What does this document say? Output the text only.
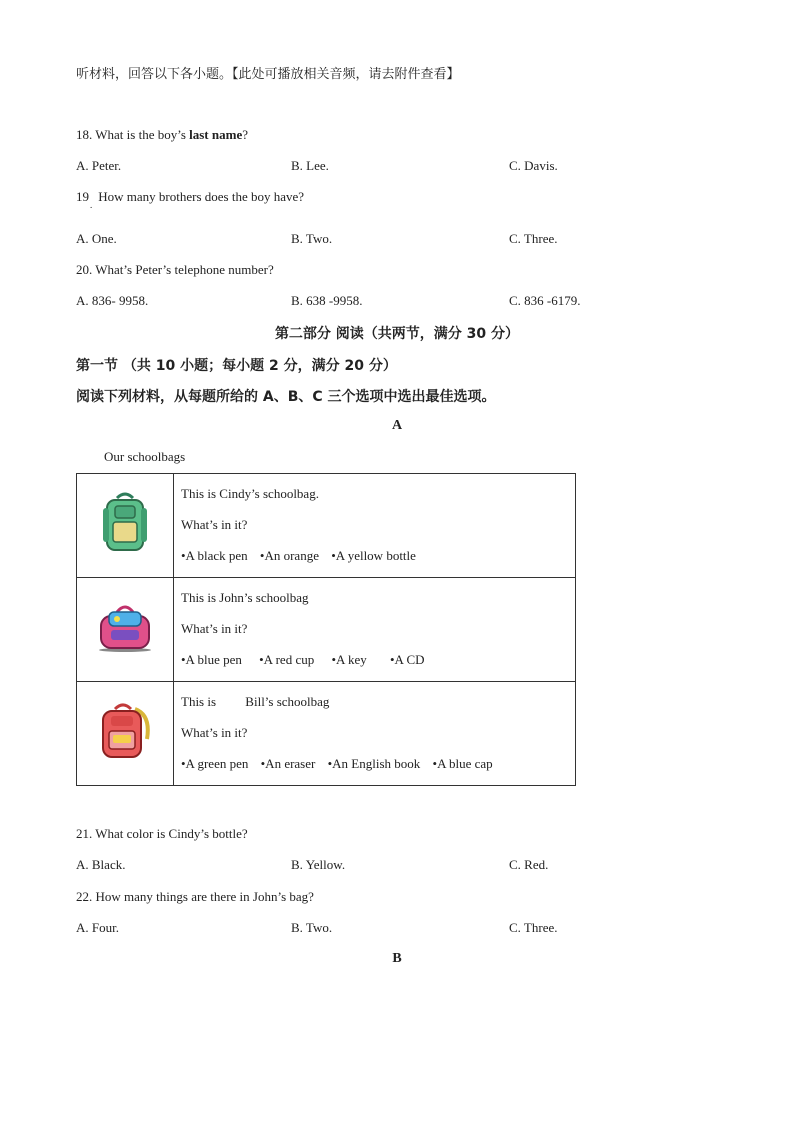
听材料，回答以下各小题。【此处可播放相关音频，请去附件查看】
18. What is the boy’s last name?
A. Peter.	B. Lee.	C. Davis.
19 How many brothers does the boy have?
.
A. One.	B. Two.	C. Three.
20. What’s Peter’s telephone number?
A. 836- 9958.	B. 638 -9958.	C. 836 -6179.
第二部分 阅读（共两节，满分 30 分）
第一节 （共 10 小题；每小题 2 分，满分 20 分）
阅读下列材料，从每题所给的 A、B、C 三个选项中选出最佳选项。
A
Our schoolbags

This is Cindy’s schoolbag.

What’s in it?

•A black pen •An orange •A yellow bottle

This is John’s schoolbag

What’s in it?

•A blue pen •A red cup •A key •A CD

This is Bill’s schoolbag

What’s in it?

•A green pen •An eraser •An English book •A blue cap

21. What color is Cindy’s bottle?
A. Black.	B. Yellow.	C. Red.
22. How many things are there in John’s bag?
A. Four.	B. Two.	C. Three.
B
